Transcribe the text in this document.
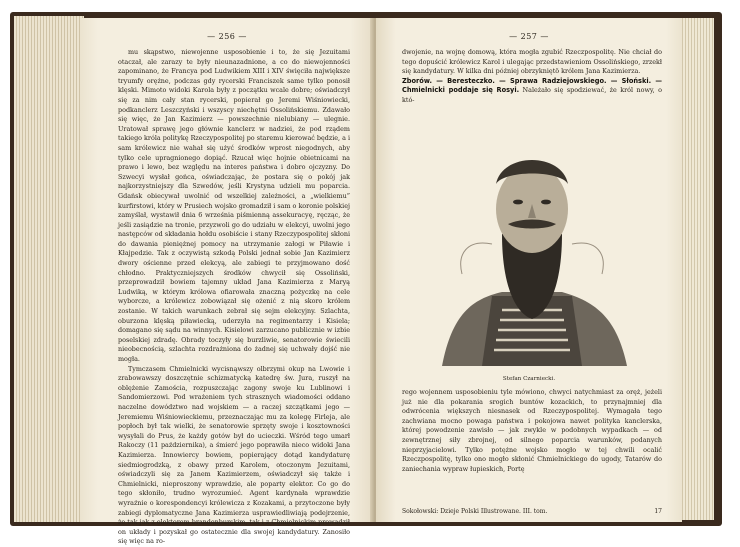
— 256 —

mu skąpstwo, niewojenne usposobienie i to, że się Jezuitami otaczał, ale zarazy te były nieunazadnione, a co do niewojenności zapominano, że Francya pod Ludwikiem XIII i XIV święciła największe tryumfy orężne, podczas gdy rycerski Franciszek same tylko ponosił klęski. Mimoto widoki Karola były z początku wcale dobre; oświadczył się za nim cały stan rycerski, popierał go Jeremi Wiśniowiecki, podkanclerz Leszczyński i wszyscy niechętni Ossolińskiemu. Zdawało się więc, że Jan Kazimierz — powszechnie nielubiany — ulegnie. Uratował sprawę jego głównie kanclerz w nadziei, że pod rządem takiego króla politykę Rzeczypospolitej po staremu kierować będzie, a i sam królewicz nie wahał się użyć środków wprost niegodnych, aby tylko cele upragnionego dopiąć. Rzucał więc hojnie obietnicami na prawo i lewo, bez względu na interes państwa i dobro ojczyzny. Do Szwecyi wysłał gońca, oświadczając, że postara się o pokój jak najkorzystniejszy dla Szwedów, jeśli Krystyna udzieli mu poparcia. Gdańsk obiecywał uwolnić od wszelkiej zależności, a „wielkiemu” kurfirstowi, który w Prusiech wojsko gromadził i sam o koronie polskiej zamyślał, wystawił dnia 6 września piśmienną assekuracyę, ręcząc, że jeśli zasiądzie na tronie, przyzwoli go do udziału w elekcyi, uwolni jego następców od składania hołdu osobiście i stany Rzeczypospolitej skłoni do dawania pieniężnej pomocy na utrzymanie załogi w Piławie i Kłajpedzie. Tak z oczywistą szkodą Polski jednał sobie Jan Kazimierz dwory ościenne przed elekcyą, ale zabiegi te przyjmowano dość chłodno. Praktyczniejszych środków chwycił się Ossoliński, przeprowadził bowiem tajemny układ Jana Kazimierza z Maryą Ludwiką, w którym królowa ofiarowała znaczną pożyczkę na cele wyborcze, a królewicz zobowiązał się ożenić z nią skoro królem zostanie. W takich warunkach zebrał się sejm elekcyjny. Szlachta, oburzona klęską piławiecką, uderzyła na regimentarzy i Kisiela; domagano się sądu na winnych. Kisielowi zarzucano publicznie w izbie poselskiej zdradę. Obrady toczyły się burzliwie, senatorowie świecili nieobecnością, szlachta rozdrażniona do żadnej się uchwały dojść nie mogła.

Tymczasem Chmielnicki wycisnąwszy olbrzymi okup na Lwowie i zrabowawszy doszczętnie schizmatycką katedrę św. Jura, ruszył na oblężenie Zamościa, rozpuszczając zagony swoje ku Lublinowi i Sandomierzowi. Pod wrażeniem tych strasznych wiadomości oddano naczelne dowództwo nad wojskiem — a raczej szczątkami jego — Jeremiemu Wiśniowieckiemu, przeznaczając mu za kolegę Firleja, ale popłoch był tak wielki, że senatorowie sprzęty swoje i kosztowności wysyłali do Prus, że każdy gotów był do ucieczki. Wśród tego umarł Rakoczy (11 października), a śmierć jego poprawiła nieco widoki Jana Kazimierza. Innowiercy bowiem, popierający dotąd kandydaturę siedmiogrodzką, z obawy przed Karolem, otoczonym Jezuitami, oświadczyli się za Janem Kazimierzem, oświadczył się także i Chmielnicki, nieproszony wprawdzie, ale poparty elektor. Co go do tego skłoniło, trudno wyrozumieć. Agent kardynała wprawdzie wyraźnie o korespondencyi królewicza z Kozakami, a przytoczone były zabiegi dyplomatyczne Jana Kazimierza usprawiedliwiają podejrzenie, że tak jak z elektorem brandenburskim, tak i z Chmielnickim prowadził on układy i pozyskał go ostatecznie dla swojej kandydatury. Zanosiło się więc na ro-

— 257 —
dwojenie, na wojnę domową, która mogła zgubić Rzeczpospolitę. Nie chciał do tego dopuścić królewicz Karol i ulegając przedstawieniom Ossolińskiego, zrzekł się kandydatury. W kilka dni później obrzykniętö królem Jana Kazimierza.
Zborów. — Beresteczko. — Sprawa Radziejowskiego. — Słoński. — Chmielnicki poddaje się Rosyi. Należało się spodziewać, że król nowy, o któ-
Stefan Czarniecki.
rego wojennem usposobieniu tyle mówiono, chwyci natychmiast za oręż, jeżeli już nie dla pokarania srogich buntów kozackich, to przynajmniej dla odwrócenia większych niesnasek od Rzeczypospolitej. Wymagała tego zachwiana mocno powaga państwa i pokojowa nawet polityka kanclerska, której powodzenie zawisło — jak zwykle w podobnych wypadkach — od zewnętrznej siły zbrojnej, od silnego poparcia warunków, podanych nieprzyjacielowi. Tylko potężne wojsko mogło w tej chwili ocalić Rzeczpospolitę, tylko ono mogło skłonić Chmielnickiego do ugody, Tatarów do zaniechania wypraw łupieskich, Portę
Sokołowski: Dzieje Polski Illustrowane. III. tom.	17
